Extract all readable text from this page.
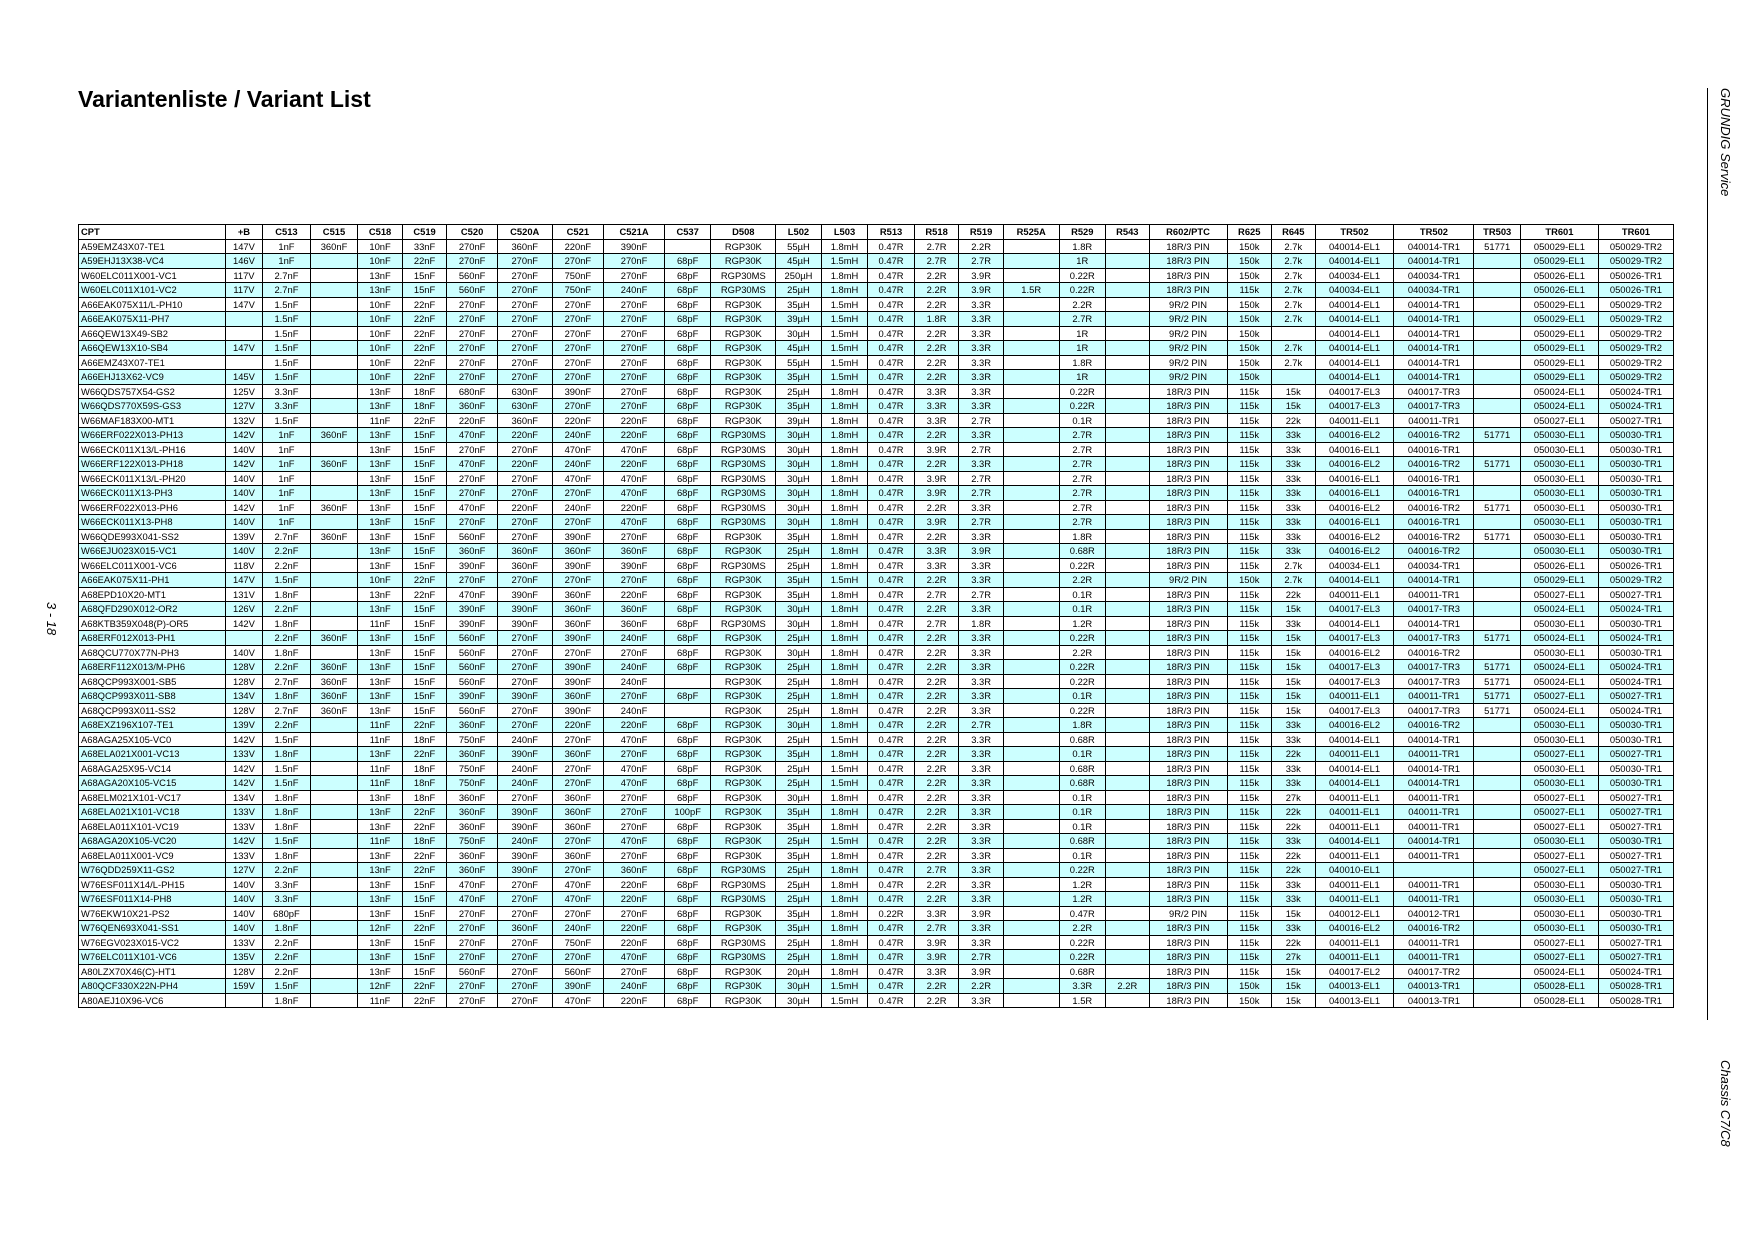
Variantenliste / Variant List	GRUNDIG Service
Chassis C7/C8
3 - 18
CPT	+B	C513	C515	C518	C519	C520	C520A	C521	C521A	C537	D508	L502	L503	R513	R518	R519	R525A	R529	R543	R602/PTC	R625	R645	TR502	TR502	TR503	TR601	TR601
A59EMZ43X07-TE1	147V	1nF	360nF	10nF	33nF	270nF	360nF	220nF	390nF		RGP30K	55µH	1.8mH	0.47R	2.7R	2.2R		1.8R		18R/3 PIN	150k	2.7k	040014-EL1	040014-TR1	51771	050029-EL1	050029-TR2
A59EHJ13X38-VC4	146V	1nF		10nF	22nF	270nF	270nF	270nF	270nF	68pF	RGP30K	45µH	1.5mH	0.47R	2.7R	2.7R		1R		18R/3 PIN	150k	2.7k	040014-EL1	040014-TR1		050029-EL1	050029-TR2
W60ELC011X001-VC1	117V	2.7nF		13nF	15nF	560nF	270nF	750nF	270nF	68pF	RGP30MS	250µH	1.8mH	0.47R	2.2R	3.9R		0.22R		18R/3 PIN	150k	2.7k	040034-EL1	040034-TR1		050026-EL1	050026-TR1
W60ELC011X101-VC2	117V	2.7nF		13nF	15nF	560nF	270nF	750nF	240nF	68pF	RGP30MS	25µH	1.8mH	0.47R	2.2R	3.9R	1.5R	0.22R		18R/3 PIN	115k	2.7k	040034-EL1	040034-TR1		050026-EL1	050026-TR1
A66EAK075X11/L-PH10	147V	1.5nF		10nF	22nF	270nF	270nF	270nF	270nF	68pF	RGP30K	35µH	1.5mH	0.47R	2.2R	3.3R		2.2R		9R/2 PIN	150k	2.7k	040014-EL1	040014-TR1		050029-EL1	050029-TR2
A66EAK075X11-PH7		1.5nF		10nF	22nF	270nF	270nF	270nF	270nF	68pF	RGP30K	39µH	1.5mH	0.47R	1.8R	3.3R		2.7R		9R/2 PIN	150k	2.7k	040014-EL1	040014-TR1		050029-EL1	050029-TR2
A66QEW13X49-SB2		1.5nF		10nF	22nF	270nF	270nF	270nF	270nF	68pF	RGP30K	30µH	1.5mH	0.47R	2.2R	3.3R		1R		9R/2 PIN	150k		040014-EL1	040014-TR1		050029-EL1	050029-TR2
A66QEW13X10-SB4	147V	1.5nF		10nF	22nF	270nF	270nF	270nF	270nF	68pF	RGP30K	45µH	1.5mH	0.47R	2.2R	3.3R		1R		9R/2 PIN	150k	2.7k	040014-EL1	040014-TR1		050029-EL1	050029-TR2
A66EMZ43X07-TE1		1.5nF		10nF	22nF	270nF	270nF	270nF	270nF	68pF	RGP30K	55µH	1.5mH	0.47R	2.2R	3.3R		1.8R		9R/2 PIN	150k	2.7k	040014-EL1	040014-TR1		050029-EL1	050029-TR2
A66EHJ13X62-VC9	145V	1.5nF		10nF	22nF	270nF	270nF	270nF	270nF	68pF	RGP30K	35µH	1.5mH	0.47R	2.2R	3.3R		1R		9R/2 PIN	150k		040014-EL1	040014-TR1		050029-EL1	050029-TR2
W66QDS757X54-GS2	125V	3.3nF		13nF	18nF	680nF	630nF	390nF	270nF	68pF	RGP30K	25µH	1.8mH	0.47R	3.3R	3.3R		0.22R		18R/3 PIN	115k	15k	040017-EL3	040017-TR3		050024-EL1	050024-TR1
W66QDS770X59S-GS3	127V	3.3nF		13nF	18nF	360nF	630nF	270nF	270nF	68pF	RGP30K	35µH	1.8mH	0.47R	3.3R	3.3R		0.22R		18R/3 PIN	115k	15k	040017-EL3	040017-TR3		050024-EL1	050024-TR1
W66MAF183X00-MT1	132V	1.5nF		11nF	22nF	220nF	360nF	220nF	220nF	68pF	RGP30K	39µH	1.8mH	0.47R	3.3R	2.7R		0.1R		18R/3 PIN	115k	22k	040011-EL1	040011-TR1		050027-EL1	050027-TR1
W66ERF022X013-PH13	142V	1nF	360nF	13nF	15nF	470nF	220nF	240nF	220nF	68pF	RGP30MS	30µH	1.8mH	0.47R	2.2R	3.3R		2.7R		18R/3 PIN	115k	33k	040016-EL2	040016-TR2	51771	050030-EL1	050030-TR1
W66ECK011X13/L-PH16	140V	1nF		13nF	15nF	270nF	270nF	470nF	470nF	68pF	RGP30MS	30µH	1.8mH	0.47R	3.9R	2.7R		2.7R		18R/3 PIN	115k	33k	040016-EL1	040016-TR1		050030-EL1	050030-TR1
W66ERF122X013-PH18	142V	1nF	360nF	13nF	15nF	470nF	220nF	240nF	220nF	68pF	RGP30MS	30µH	1.8mH	0.47R	2.2R	3.3R		2.7R		18R/3 PIN	115k	33k	040016-EL2	040016-TR2	51771	050030-EL1	050030-TR1
W66ECK011X13/L-PH20	140V	1nF		13nF	15nF	270nF	270nF	470nF	470nF	68pF	RGP30MS	30µH	1.8mH	0.47R	3.9R	2.7R		2.7R		18R/3 PIN	115k	33k	040016-EL1	040016-TR1		050030-EL1	050030-TR1
W66ECK011X13-PH3	140V	1nF		13nF	15nF	270nF	270nF	270nF	470nF	68pF	RGP30MS	30µH	1.8mH	0.47R	3.9R	2.7R		2.7R		18R/3 PIN	115k	33k	040016-EL1	040016-TR1		050030-EL1	050030-TR1
W66ERF022X013-PH6	142V	1nF	360nF	13nF	15nF	470nF	220nF	240nF	220nF	68pF	RGP30MS	30µH	1.8mH	0.47R	2.2R	3.3R		2.7R		18R/3 PIN	115k	33k	040016-EL2	040016-TR2	51771	050030-EL1	050030-TR1
W66ECK011X13-PH8	140V	1nF		13nF	15nF	270nF	270nF	270nF	470nF	68pF	RGP30MS	30µH	1.8mH	0.47R	3.9R	2.7R		2.7R		18R/3 PIN	115k	33k	040016-EL1	040016-TR1		050030-EL1	050030-TR1
W66QDE993X041-SS2	139V	2.7nF	360nF	13nF	15nF	560nF	270nF	390nF	270nF	68pF	RGP30K	35µH	1.8mH	0.47R	2.2R	3.3R		1.8R		18R/3 PIN	115k	33k	040016-EL2	040016-TR2	51771	050030-EL1	050030-TR1
W66EJU023X015-VC1	140V	2.2nF		13nF	15nF	360nF	360nF	360nF	360nF	68pF	RGP30K	25µH	1.8mH	0.47R	3.3R	3.9R		0.68R		18R/3 PIN	115k	33k	040016-EL2	040016-TR2		050030-EL1	050030-TR1
W66ELC011X001-VC6	118V	2.2nF		13nF	15nF	390nF	360nF	390nF	390nF	68pF	RGP30MS	25µH	1.8mH	0.47R	3.3R	3.3R		0.22R		18R/3 PIN	115k	2.7k	040034-EL1	040034-TR1		050026-EL1	050026-TR1
A66EAK075X11-PH1	147V	1.5nF		10nF	22nF	270nF	270nF	270nF	270nF	68pF	RGP30K	35µH	1.5mH	0.47R	2.2R	3.3R		2.2R		9R/2 PIN	150k	2.7k	040014-EL1	040014-TR1		050029-EL1	050029-TR2
A68EPD10X20-MT1	131V	1.8nF		13nF	22nF	470nF	390nF	360nF	220nF	68pF	RGP30K	35µH	1.8mH	0.47R	2.7R	2.7R		0.1R		18R/3 PIN	115k	22k	040011-EL1	040011-TR1		050027-EL1	050027-TR1
A68QFD290X012-OR2	126V	2.2nF		13nF	15nF	390nF	390nF	360nF	360nF	68pF	RGP30K	30µH	1.8mH	0.47R	2.2R	3.3R		0.1R		18R/3 PIN	115k	15k	040017-EL3	040017-TR3		050024-EL1	050024-TR1
A68KTB359X048(P)-OR5	142V	1.8nF		11nF	15nF	390nF	390nF	360nF	360nF	68pF	RGP30MS	30µH	1.8mH	0.47R	2.7R	1.8R		1.2R		18R/3 PIN	115k	33k	040014-EL1	040014-TR1		050030-EL1	050030-TR1
A68ERF012X013-PH1		2.2nF	360nF	13nF	15nF	560nF	270nF	390nF	240nF	68pF	RGP30K	25µH	1.8mH	0.47R	2.2R	3.3R		0.22R		18R/3 PIN	115k	15k	040017-EL3	040017-TR3	51771	050024-EL1	050024-TR1
A68QCU770X77N-PH3	140V	1.8nF		13nF	15nF	560nF	270nF	270nF	270nF	68pF	RGP30K	30µH	1.8mH	0.47R	2.2R	3.3R		2.2R		18R/3 PIN	115k	15k	040016-EL2	040016-TR2		050030-EL1	050030-TR1
A68ERF112X013/M-PH6	128V	2.2nF	360nF	13nF	15nF	560nF	270nF	390nF	240nF	68pF	RGP30K	25µH	1.8mH	0.47R	2.2R	3.3R		0.22R		18R/3 PIN	115k	15k	040017-EL3	040017-TR3	51771	050024-EL1	050024-TR1
A68QCP993X001-SB5	128V	2.7nF	360nF	13nF	15nF	560nF	270nF	390nF	240nF		RGP30K	25µH	1.8mH	0.47R	2.2R	3.3R		0.22R		18R/3 PIN	115k	15k	040017-EL3	040017-TR3	51771	050024-EL1	050024-TR1
A68QCP993X011-SB8	134V	1.8nF	360nF	13nF	15nF	390nF	390nF	360nF	270nF	68pF	RGP30K	25µH	1.8mH	0.47R	2.2R	3.3R		0.1R		18R/3 PIN	115k	15k	040011-EL1	040011-TR1	51771	050027-EL1	050027-TR1
A68QCP993X011-SS2	128V	2.7nF	360nF	13nF	15nF	560nF	270nF	390nF	240nF		RGP30K	25µH	1.8mH	0.47R	2.2R	3.3R		0.22R		18R/3 PIN	115k	15k	040017-EL3	040017-TR3	51771	050024-EL1	050024-TR1
A68EXZ196X107-TE1	139V	2.2nF		11nF	22nF	360nF	270nF	220nF	220nF	68pF	RGP30K	30µH	1.8mH	0.47R	2.2R	2.7R		1.8R		18R/3 PIN	115k	33k	040016-EL2	040016-TR2		050030-EL1	050030-TR1
A68AGA25X105-VC0	142V	1.5nF		11nF	18nF	750nF	240nF	270nF	470nF	68pF	RGP30K	25µH	1.5mH	0.47R	2.2R	3.3R		0.68R		18R/3 PIN	115k	33k	040014-EL1	040014-TR1		050030-EL1	050030-TR1
A68ELA021X001-VC13	133V	1.8nF		13nF	22nF	360nF	390nF	360nF	270nF	68pF	RGP30K	35µH	1.8mH	0.47R	2.2R	3.3R		0.1R		18R/3 PIN	115k	22k	040011-EL1	040011-TR1		050027-EL1	050027-TR1
A68AGA25X95-VC14	142V	1.5nF		11nF	18nF	750nF	240nF	270nF	470nF	68pF	RGP30K	25µH	1.5mH	0.47R	2.2R	3.3R		0.68R		18R/3 PIN	115k	33k	040014-EL1	040014-TR1		050030-EL1	050030-TR1
A68AGA20X105-VC15	142V	1.5nF		11nF	18nF	750nF	240nF	270nF	470nF	68pF	RGP30K	25µH	1.5mH	0.47R	2.2R	3.3R		0.68R		18R/3 PIN	115k	33k	040014-EL1	040014-TR1		050030-EL1	050030-TR1
A68ELM021X101-VC17	134V	1.8nF		13nF	18nF	360nF	270nF	360nF	270nF	68pF	RGP30K	30µH	1.8mH	0.47R	2.2R	3.3R		0.1R		18R/3 PIN	115k	27k	040011-EL1	040011-TR1		050027-EL1	050027-TR1
A68ELA021X101-VC18	133V	1.8nF		13nF	22nF	360nF	390nF	360nF	270nF	100pF	RGP30K	35µH	1.8mH	0.47R	2.2R	3.3R		0.1R		18R/3 PIN	115k	22k	040011-EL1	040011-TR1		050027-EL1	050027-TR1
A68ELA011X101-VC19	133V	1.8nF		13nF	22nF	360nF	390nF	360nF	270nF	68pF	RGP30K	35µH	1.8mH	0.47R	2.2R	3.3R		0.1R		18R/3 PIN	115k	22k	040011-EL1	040011-TR1		050027-EL1	050027-TR1
A68AGA20X105-VC20	142V	1.5nF		11nF	18nF	750nF	240nF	270nF	470nF	68pF	RGP30K	25µH	1.5mH	0.47R	2.2R	3.3R		0.68R		18R/3 PIN	115k	33k	040014-EL1	040014-TR1		050030-EL1	050030-TR1
A68ELA011X001-VC9	133V	1.8nF		13nF	22nF	360nF	390nF	360nF	270nF	68pF	RGP30K	35µH	1.8mH	0.47R	2.2R	3.3R		0.1R		18R/3 PIN	115k	22k	040011-EL1	040011-TR1		050027-EL1	050027-TR1
W76QDD259X11-GS2	127V	2.2nF		13nF	22nF	360nF	390nF	270nF	360nF	68pF	RGP30MS	25µH	1.8mH	0.47R	2.7R	3.3R		0.22R		18R/3 PIN	115k	22k	040010-EL1			050027-EL1	050027-TR1
W76ESF011X14/L-PH15	140V	3.3nF		13nF	15nF	470nF	270nF	470nF	220nF	68pF	RGP30MS	25µH	1.8mH	0.47R	2.2R	3.3R		1.2R		18R/3 PIN	115k	33k	040011-EL1	040011-TR1		050030-EL1	050030-TR1
W76ESF011X14-PH8	140V	3.3nF		13nF	15nF	470nF	270nF	470nF	220nF	68pF	RGP30MS	25µH	1.8mH	0.47R	2.2R	3.3R		1.2R		18R/3 PIN	115k	33k	040011-EL1	040011-TR1		050030-EL1	050030-TR1
W76EKW10X21-PS2	140V	680pF		13nF	15nF	270nF	270nF	270nF	270nF	68pF	RGP30K	35µH	1.8mH	0.22R	3.3R	3.9R		0.47R		9R/2 PIN	115k	15k	040012-EL1	040012-TR1		050030-EL1	050030-TR1
W76QEN693X041-SS1	140V	1.8nF		12nF	22nF	270nF	360nF	240nF	220nF	68pF	RGP30K	35µH	1.8mH	0.47R	2.7R	3.3R		2.2R		18R/3 PIN	115k	33k	040016-EL2	040016-TR2		050030-EL1	050030-TR1
W76EGV023X015-VC2	133V	2.2nF		13nF	15nF	270nF	270nF	750nF	220nF	68pF	RGP30MS	25µH	1.8mH	0.47R	3.9R	3.3R		0.22R		18R/3 PIN	115k	22k	040011-EL1	040011-TR1		050027-EL1	050027-TR1
W76ELC011X101-VC6	135V	2.2nF		13nF	15nF	270nF	270nF	270nF	470nF	68pF	RGP30MS	25µH	1.8mH	0.47R	3.9R	2.7R		0.22R		18R/3 PIN	115k	27k	040011-EL1	040011-TR1		050027-EL1	050027-TR1
A80LZX70X46(C)-HT1	128V	2.2nF		13nF	15nF	560nF	270nF	560nF	270nF	68pF	RGP30K	20µH	1.8mH	0.47R	3.3R	3.9R		0.68R		18R/3 PIN	115k	15k	040017-EL2	040017-TR2		050024-EL1	050024-TR1
A80QCF330X22N-PH4	159V	1.5nF		12nF	22nF	270nF	270nF	390nF	240nF	68pF	RGP30K	30µH	1.5mH	0.47R	2.2R	2.2R		3.3R	2.2R	18R/3 PIN	150k	15k	040013-EL1	040013-TR1		050028-EL1	050028-TR1
A80AEJ10X96-VC6		1.8nF		11nF	22nF	270nF	270nF	470nF	220nF	68pF	RGP30K	30µH	1.5mH	0.47R	2.2R	3.3R		1.5R		18R/3 PIN	150k	15k	040013-EL1	040013-TR1		050028-EL1	050028-TR1
